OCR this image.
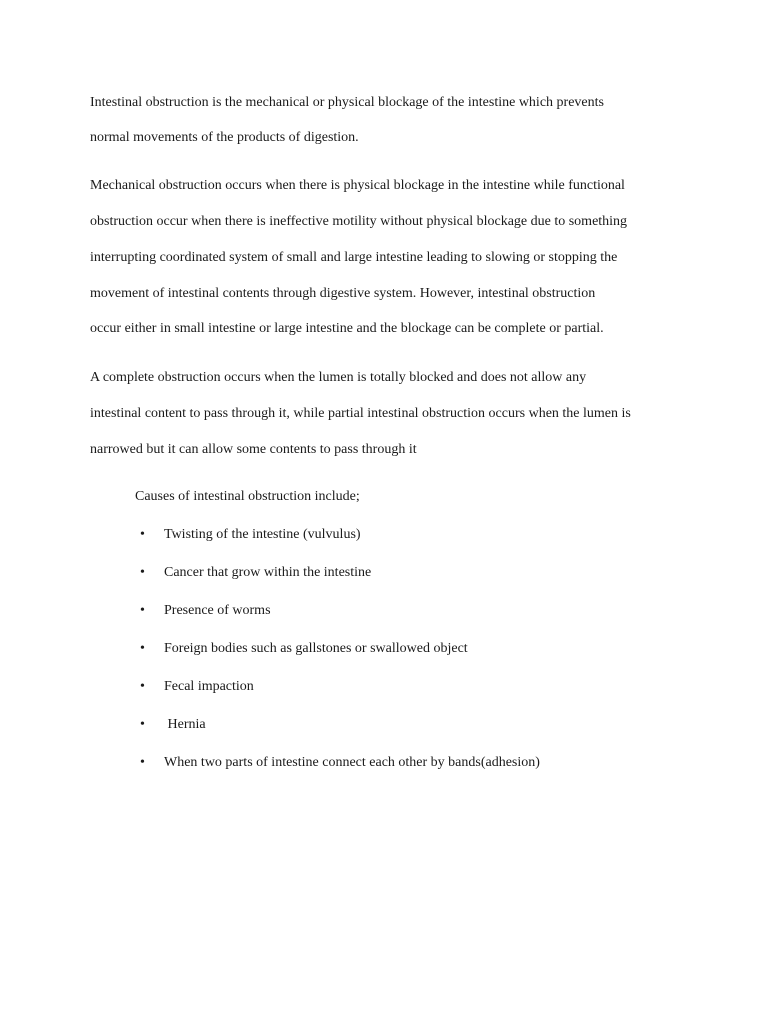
Intestinal obstruction is the mechanical or physical blockage of the intestine which prevents
normal movements of the products of digestion.
Mechanical obstruction occurs when there is physical blockage in the intestine while functional
obstruction occur when there is ineffective motility without physical blockage due to something
interrupting coordinated system of small and large intestine leading to slowing or stopping the
movement of intestinal contents through digestive system. However, intestinal obstruction
occur either in small intestine or large intestine and the blockage can be complete or partial.
A complete obstruction occurs when the lumen is totally blocked and does not allow any
intestinal content to pass through it, while partial intestinal obstruction occurs when the lumen is
narrowed but it can allow some contents to pass through it
Causes of intestinal obstruction include;
•	Twisting of the intestine (vulvulus)
•	Cancer that grow within the intestine
•	Presence of worms
•	Foreign bodies such as gallstones or swallowed object
•	Fecal impaction
•	Hernia
•	When two parts of intestine connect each other by bands(adhesion)
